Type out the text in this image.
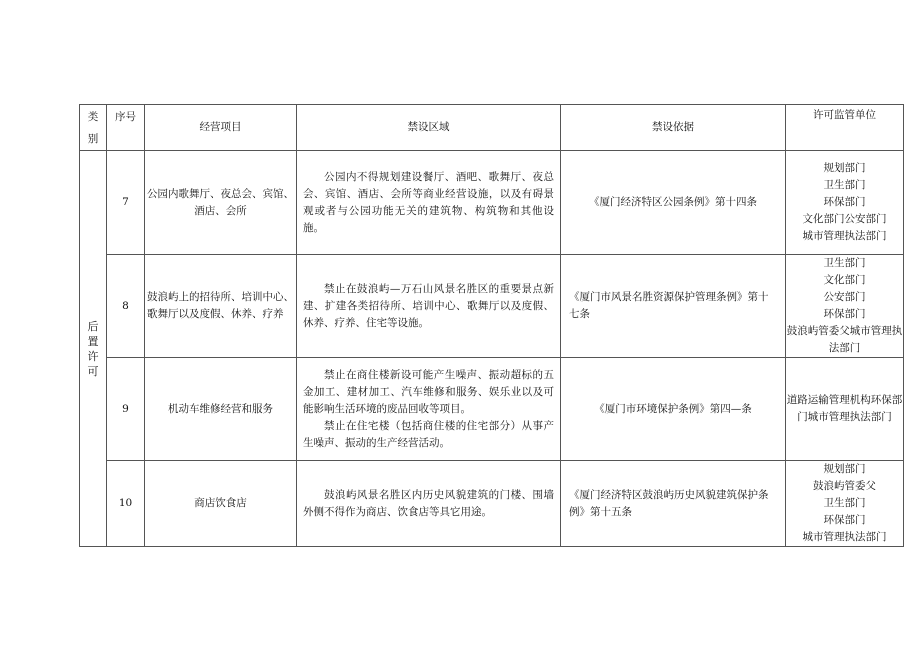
类别	序号	经营项目	禁设区域	禁设依据	许可监管单位

后置许可	7	公园内歌舞厅、夜总会、宾馆、酒店、会所	公园内不得规划建设餐厅、酒吧、歌舞厅、夜总会、宾馆、酒店、会所等商业经营设施，以及有碍景观或者与公园功能无关的建筑物、构筑物和其他设施。	《厦门经济特区公园条例》第十四条	规划部门
卫生部门
环保部门
文化部门公安部门
城市管理执法部门

	8	鼓浪屿上的招待所、培训中心、歌舞厅以及度假、休养、疗养	禁止在鼓浪屿—万石山风景名胜区的重要景点新建、扩建各类招待所、培训中心、歌舞厅以及度假、休养、疗养、住宅等设施。	《厦门市风景名胜资源保护管理条例》第十七条	卫生部门
文化部门
公安部门
环保部门
鼓浪屿管委父城市管理执法部门

	9	机动车维修经营和服务	禁止在商住楼新设可能产生噪声、振动超标的五金加工、建材加工、汽车维修和服务、娱乐业以及可能影响生活环境的废品回收等项目。
禁止在住宅楼（包括商住楼的住宅部分）从事产生噪声、振动的生产经营活动。	《厦门市环境保护条例》第四—条	道路运输管理机构环保部门城市管理执法部门

	10	商店饮食店	鼓浪屿风景名胜区内历史风貌建筑的门楼、围墙外侧不得作为商店、饮食店等具它用途。	《厦门经济特区鼓浪屿历史风貌建筑保护条例》第十五条	规划部门
鼓浪屿管委父
卫生部门
环保部门
城市管理执法部门
